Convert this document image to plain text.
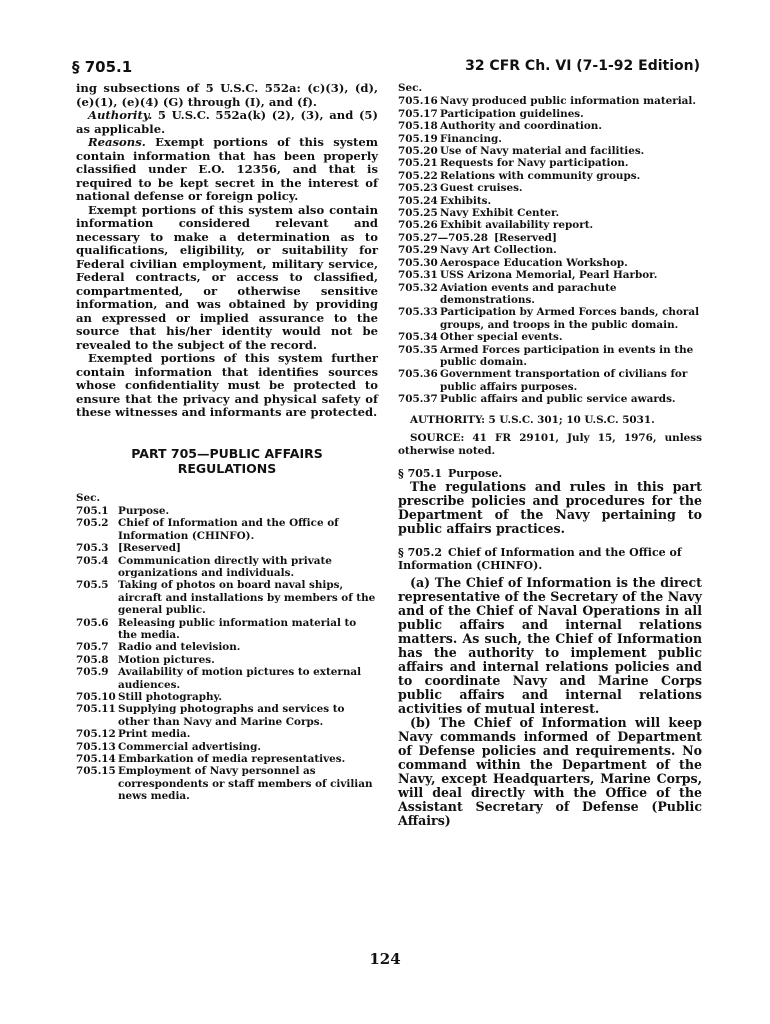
§ 705.1	32 CFR Ch. VI (7-1-92 Edition)

ing subsections of 5 U.S.C. 552a: (c)(3), (d), (e)(1), (e)(4) (G) through (I), and (f).

Authority. 5 U.S.C. 552a(k) (2), (3), and (5) as applicable.

Reasons. Exempt portions of this system contain information that has been properly classified under E.O. 12356, and that is required to be kept secret in the interest of national defense or foreign policy.

Exempt portions of this system also contain information considered relevant and necessary to make a determination as to qualifications, eligibility, or suitability for Federal civilian employment, military service, Federal contracts, or access to classified, compartmented, or otherwise sensitive information, and was obtained by providing an expressed or implied assurance to the source that his/her identity would not be revealed to the subject of the record.

Exempted portions of this system further contain information that identifies sources whose confidentiality must be protected to ensure that the privacy and physical safety of these witnesses and informants are protected.

PART 705—PUBLIC AFFAIRS
REGULATIONS
Sec.
705.1 Purpose.
705.2 Chief of Information and the Office of Information (CHINFO).
705.3 [Reserved]
705.4 Communication directly with private organizations and individuals.
705.5 Taking of photos on board naval ships, aircraft and installations by members of the general public.
705.6 Releasing public information material to the media.
705.7 Radio and television.
705.8 Motion pictures.
705.9 Availability of motion pictures to external audiences.
705.10 Still photography.
705.11 Supplying photographs and services to other than Navy and Marine Corps.
705.12 Print media.
705.13 Commercial advertising.
705.14 Embarkation of media representatives.
705.15 Employment of Navy personnel as correspondents or staff members of civilian news media.
Sec.
705.16 Navy produced public information material.
705.17 Participation guidelines.
705.18 Authority and coordination.
705.19 Financing.
705.20 Use of Navy material and facilities.
705.21 Requests for Navy participation.
705.22 Relations with community groups.
705.23 Guest cruises.
705.24 Exhibits.
705.25 Navy Exhibit Center.
705.26 Exhibit availability report.
705.27—705.28 [Reserved]
705.29 Navy Art Collection.
705.30 Aerospace Education Workshop.
705.31 USS Arizona Memorial, Pearl Harbor.
705.32 Aviation events and parachute demonstrations.
705.33 Participation by Armed Forces bands, choral groups, and troops in the public domain.
705.34 Other special events.
705.35 Armed Forces participation in events in the public domain.
705.36 Government transportation of civilians for public affairs purposes.
705.37 Public affairs and public service awards.

AUTHORITY: 5 U.S.C. 301; 10 U.S.C. 5031.

SOURCE: 41 FR 29101, July 15, 1976, unless otherwise noted.

§ 705.1 Purpose.

The regulations and rules in this part prescribe policies and procedures for the Department of the Navy pertaining to public affairs practices.

§ 705.2 Chief of Information and the Office of Information (CHINFO).

(a) The Chief of Information is the direct representative of the Secretary of the Navy and of the Chief of Naval Operations in all public affairs and internal relations matters. As such, the Chief of Information has the authority to implement public affairs and internal relations policies and to coordinate Navy and Marine Corps public affairs and internal relations activities of mutual interest.

(b) The Chief of Information will keep Navy commands informed of Department of Defense policies and requirements. No command within the Department of the Navy, except Headquarters, Marine Corps, will deal directly with the Office of the Assistant Secretary of Defense (Public Affairs)

124
